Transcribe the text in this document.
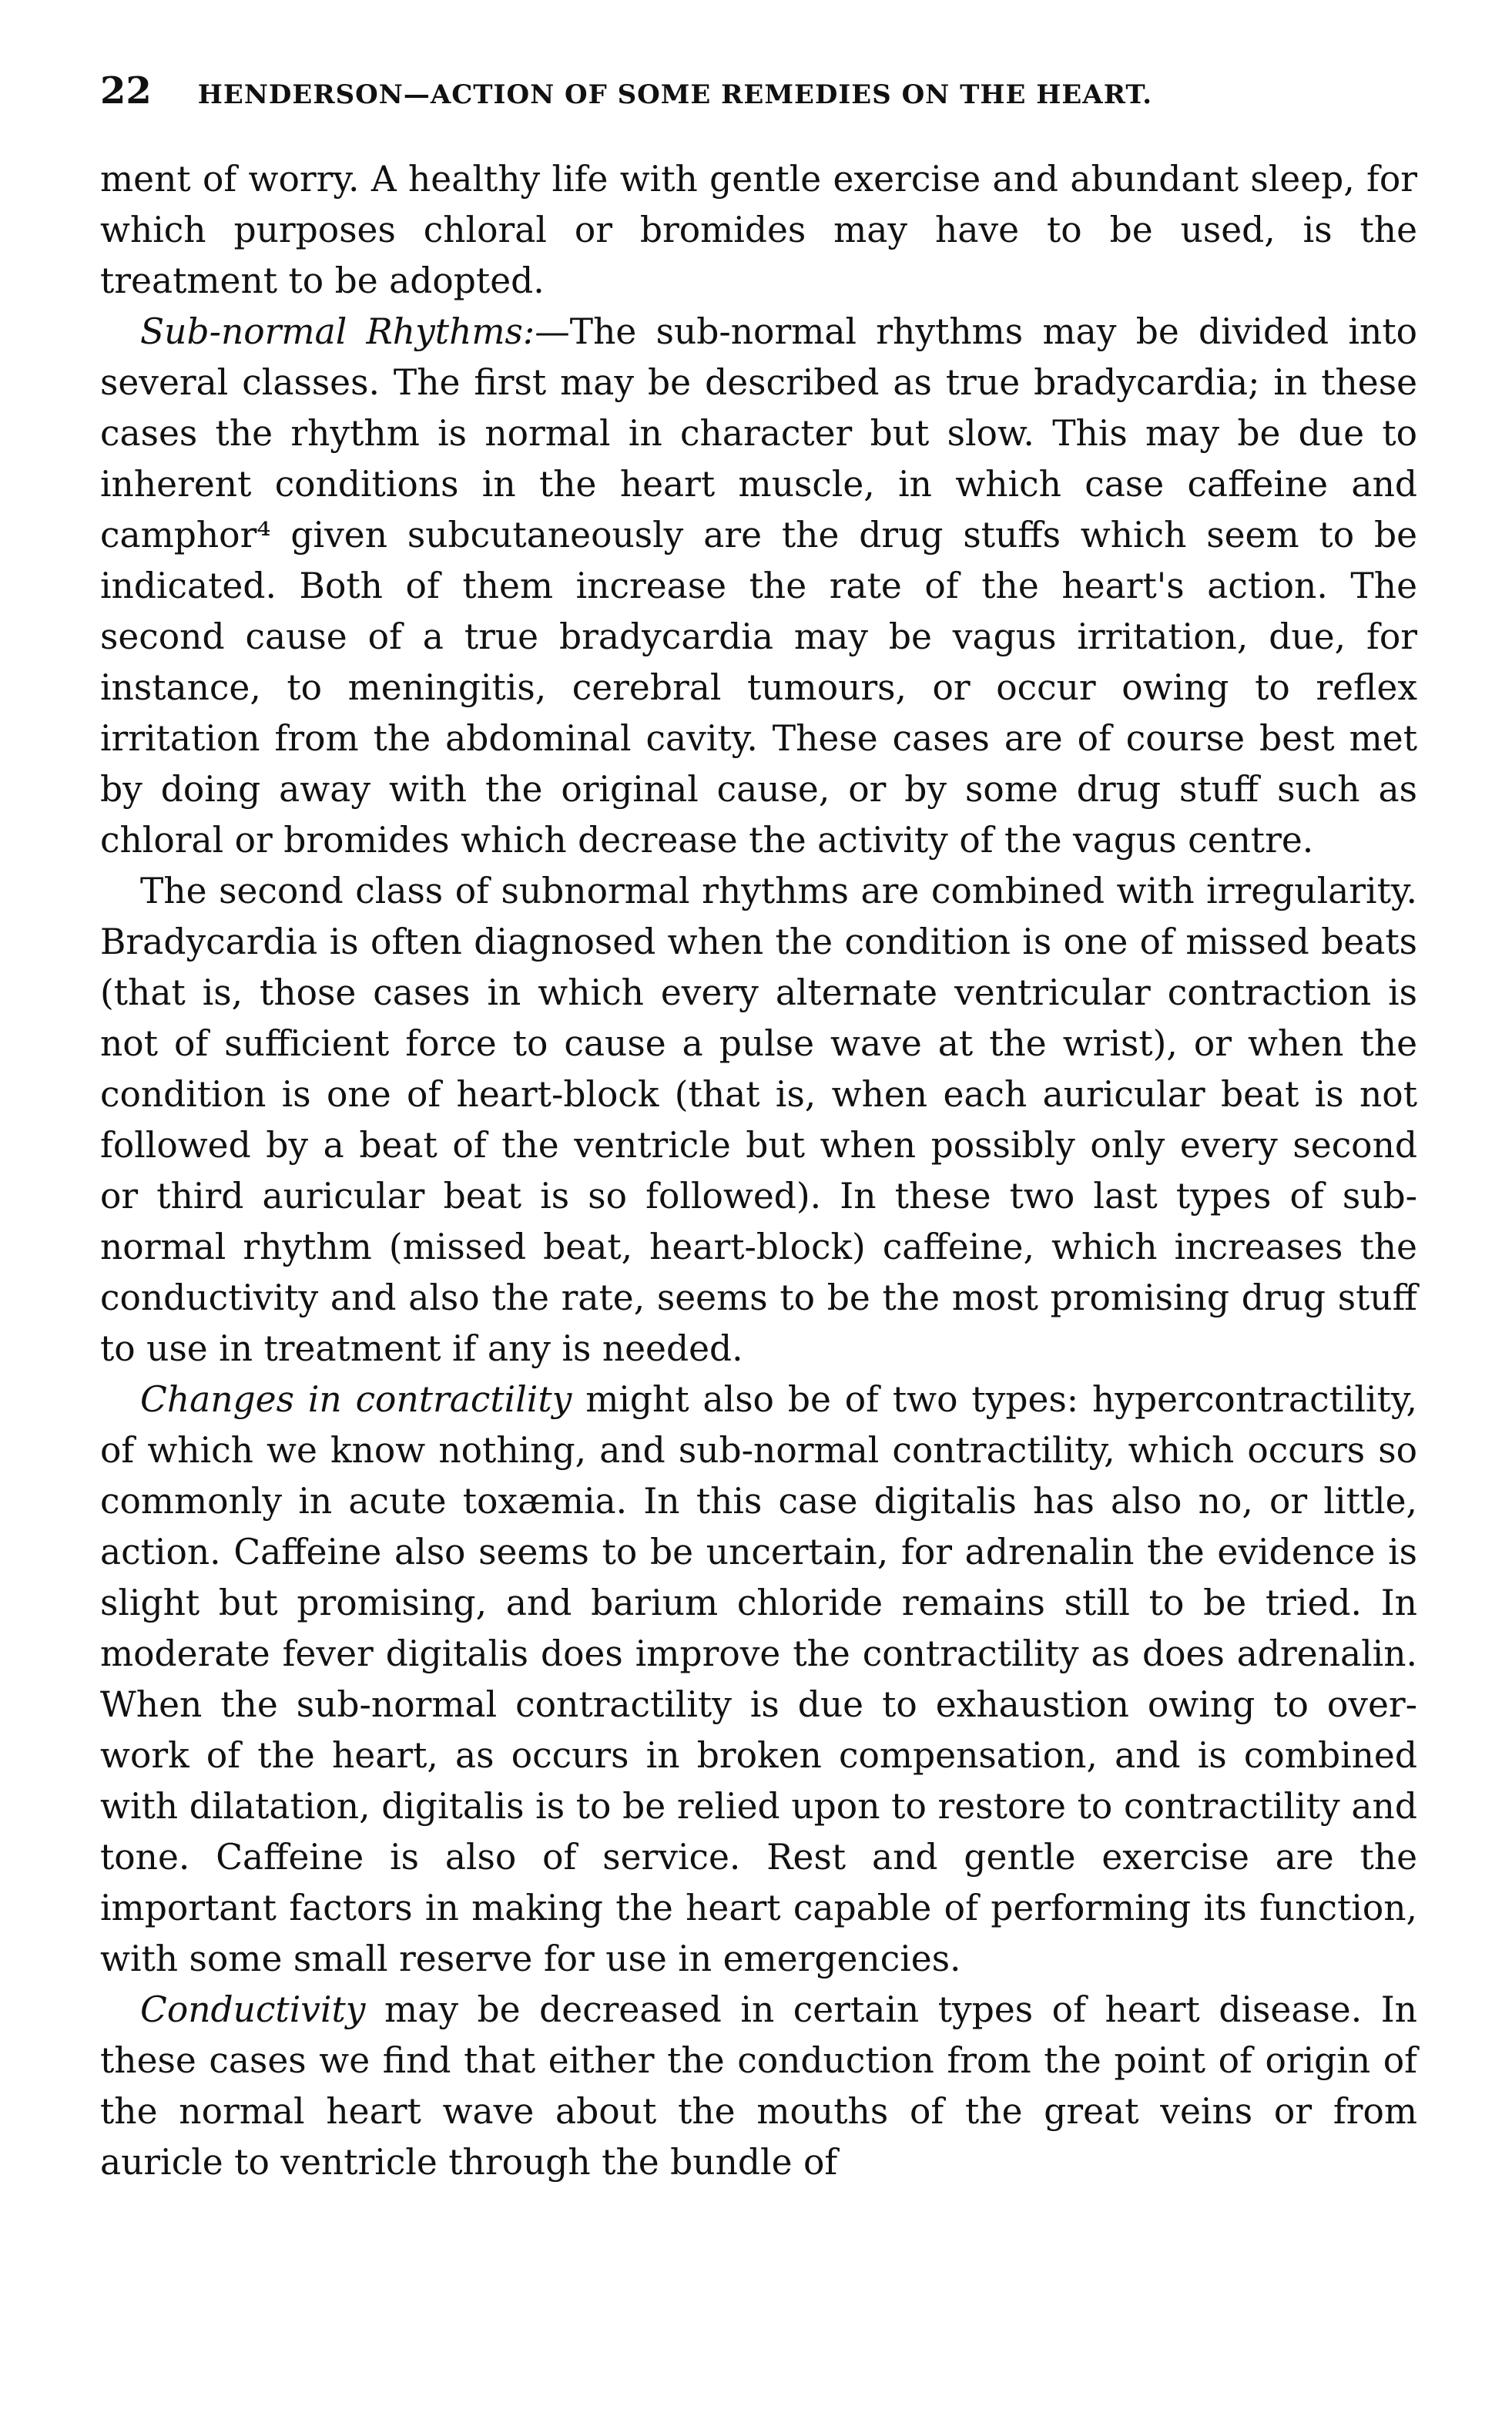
22 HENDERSON—ACTION OF SOME REMEDIES ON THE HEART.

ment of worry. A healthy life with gentle exercise and abundant sleep, for which purposes chloral or bromides may have to be used, is the treatment to be adopted.

Sub-normal Rhythms:—The sub-normal rhythms may be divided into several classes. The first may be described as true bradycardia; in these cases the rhythm is normal in character but slow. This may be due to inherent conditions in the heart muscle, in which case caffeine and camphor⁴ given subcutaneously are the drug stuffs which seem to be indicated. Both of them increase the rate of the heart's action. The second cause of a true bradycardia may be vagus irritation, due, for instance, to meningitis, cerebral tumours, or occur owing to reflex irritation from the abdominal cavity. These cases are of course best met by doing away with the original cause, or by some drug stuff such as chloral or bromides which decrease the activity of the vagus centre.

The second class of subnormal rhythms are combined with irregularity. Bradycardia is often diagnosed when the condition is one of missed beats (that is, those cases in which every alternate ventricular contraction is not of sufficient force to cause a pulse wave at the wrist), or when the condition is one of heart-block (that is, when each auricular beat is not followed by a beat of the ventricle but when possibly only every second or third auricular beat is so followed). In these two last types of sub-normal rhythm (missed beat, heart-block) caffeine, which increases the conductivity and also the rate, seems to be the most promising drug stuff to use in treatment if any is needed.

Changes in contractility might also be of two types: hypercontractility, of which we know nothing, and sub-normal contractility, which occurs so commonly in acute toxæmia. In this case digitalis has also no, or little, action. Caffeine also seems to be uncertain, for adrenalin the evidence is slight but promising, and barium chloride remains still to be tried. In moderate fever digitalis does improve the contractility as does adrenalin. When the sub-normal contractility is due to exhaustion owing to over-work of the heart, as occurs in broken compensation, and is combined with dilatation, digitalis is to be relied upon to restore to contractility and tone. Caffeine is also of service. Rest and gentle exercise are the important factors in making the heart capable of performing its function, with some small reserve for use in emergencies.

Conductivity may be decreased in certain types of heart disease. In these cases we find that either the conduction from the point of origin of the normal heart wave about the mouths of the great veins or from auricle to ventricle through the bundle of
